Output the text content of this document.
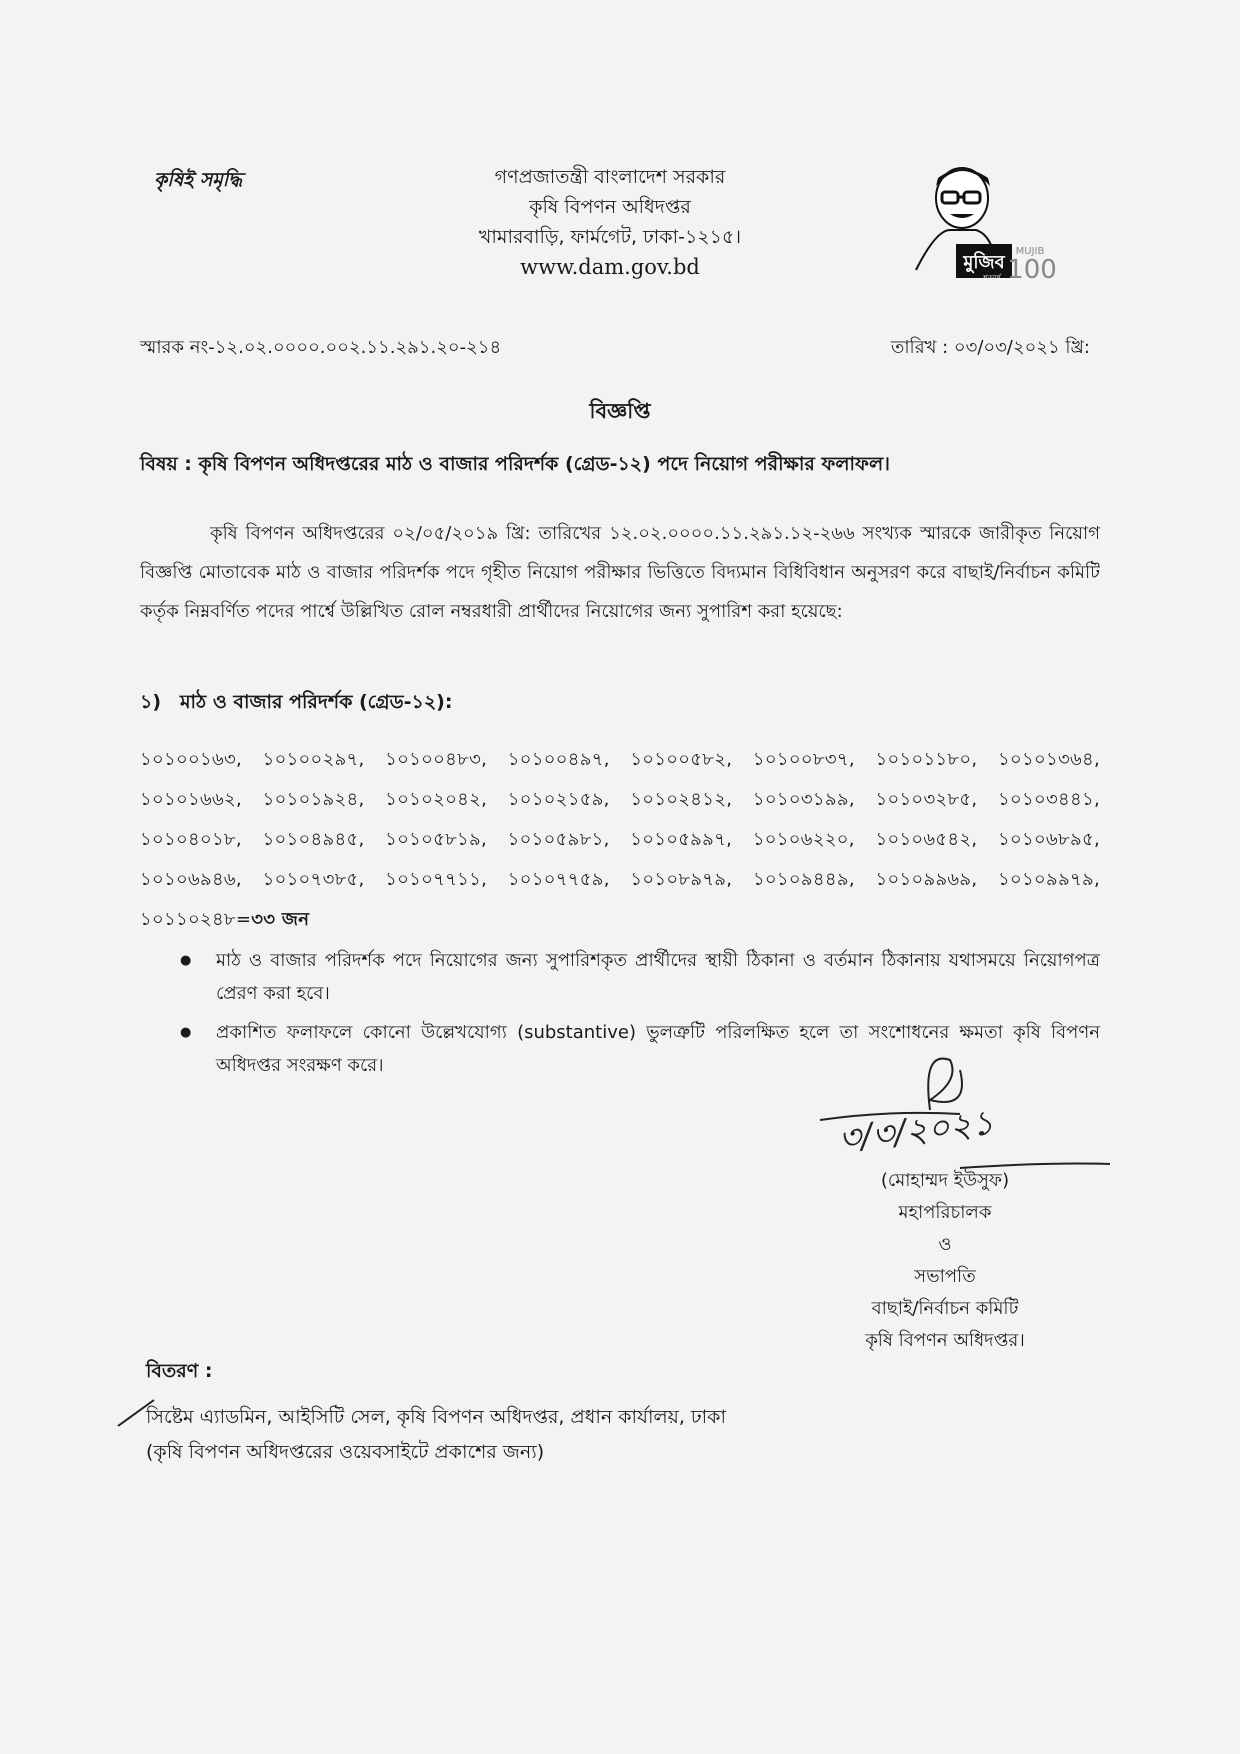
কৃষিই সমৃদ্ধি	গণপ্রজাতন্ত্রী বাংলাদেশ সরকার
কৃষি বিপণন অধিদপ্তর
খামারবাড়ি, ফার্মগেট, ঢাকা-১২১৫।
www.dam.gov.bd	মুজিব
শতবর্ষ
MUJIB
100
স্মারক নং-১২.০২.০০০০.০০২.১১.২৯১.২০-২১৪	তারিখ : ০৩/০৩/২০২১ খ্রি:
বিজ্ঞপ্তি
বিষয় : কৃষি বিপণন অধিদপ্তরের মাঠ ও বাজার পরিদর্শক (গ্রেড-১২) পদে নিয়োগ পরীক্ষার ফলাফল।
কৃষি বিপণন অধিদপ্তরের ০২/০৫/২০১৯ খ্রি: তারিখের ১২.০২.০০০০.১১.২৯১.১২-২৬৬ সংখ্যক স্মারকে জারীকৃত নিয়োগ বিজ্ঞপ্তি মোতাবেক মাঠ ও বাজার পরিদর্শক পদে গৃহীত নিয়োগ পরীক্ষার ভিত্তিতে বিদ্যমান বিধিবিধান অনুসরণ করে বাছাই/নির্বাচন কমিটি কর্তৃক নিম্নবর্ণিত পদের পার্শ্বে উল্লিখিত রোল নম্বরধারী প্রার্থীদের নিয়োগের জন্য সুপারিশ করা হয়েছে:
১) মাঠ ও বাজার পরিদর্শক (গ্রেড-১২):
১০১০০১৬৩, ১০১০০২৯৭, ১০১০০৪৮৩, ১০১০০৪৯৭, ১০১০০৫৮২, ১০১০০৮৩৭, ১০১০১১৮০, ১০১০১৩৬৪, ১০১০১৬৬২, ১০১০১৯২৪, ১০১০২০৪২, ১০১০২১৫৯, ১০১০২৪১২, ১০১০৩১৯৯, ১০১০৩২৮৫, ১০১০৩৪৪১, ১০১০৪০১৮, ১০১০৪৯৪৫, ১০১০৫৮১৯, ১০১০৫৯৮১, ১০১০৫৯৯৭, ১০১০৬২২০, ১০১০৬৫৪২, ১০১০৬৮৯৫, ১০১০৬৯৪৬, ১০১০৭৩৮৫, ১০১০৭৭১১, ১০১০৭৭৫৯, ১০১০৮৯৭৯, ১০১০৯৪৪৯, ১০১০৯৯৬৯, ১০১০৯৯৭৯, ১০১১০২৪৮=৩৩ জন
● মাঠ ও বাজার পরিদর্শক পদে নিয়োগের জন্য সুপারিশকৃত প্রার্থীদের স্থায়ী ঠিকানা ও বর্তমান ঠিকানায় যথাসময়ে নিয়োগপত্র প্রেরণ করা হবে।
● প্রকাশিত ফলাফলে কোনো উল্লেখযোগ্য (substantive) ভুলত্রুটি পরিলক্ষিত হলে তা সংশোধনের ক্ষমতা কৃষি বিপণন অধিদপ্তর সংরক্ষণ করে।
৩/৩/২০২১
(মোহাম্মদ ইউসুফ)
মহাপরিচালক
ও
সভাপতি
বাছাই/নির্বাচন কমিটি
কৃষি বিপণন অধিদপ্তর।
বিতরণ :
সিষ্টেম এ্যাডমিন, আইসিটি সেল, কৃষি বিপণন অধিদপ্তর, প্রধান কার্যালয়, ঢাকা
(কৃষি বিপণন অধিদপ্তরের ওয়েবসাইটে প্রকাশের জন্য)
